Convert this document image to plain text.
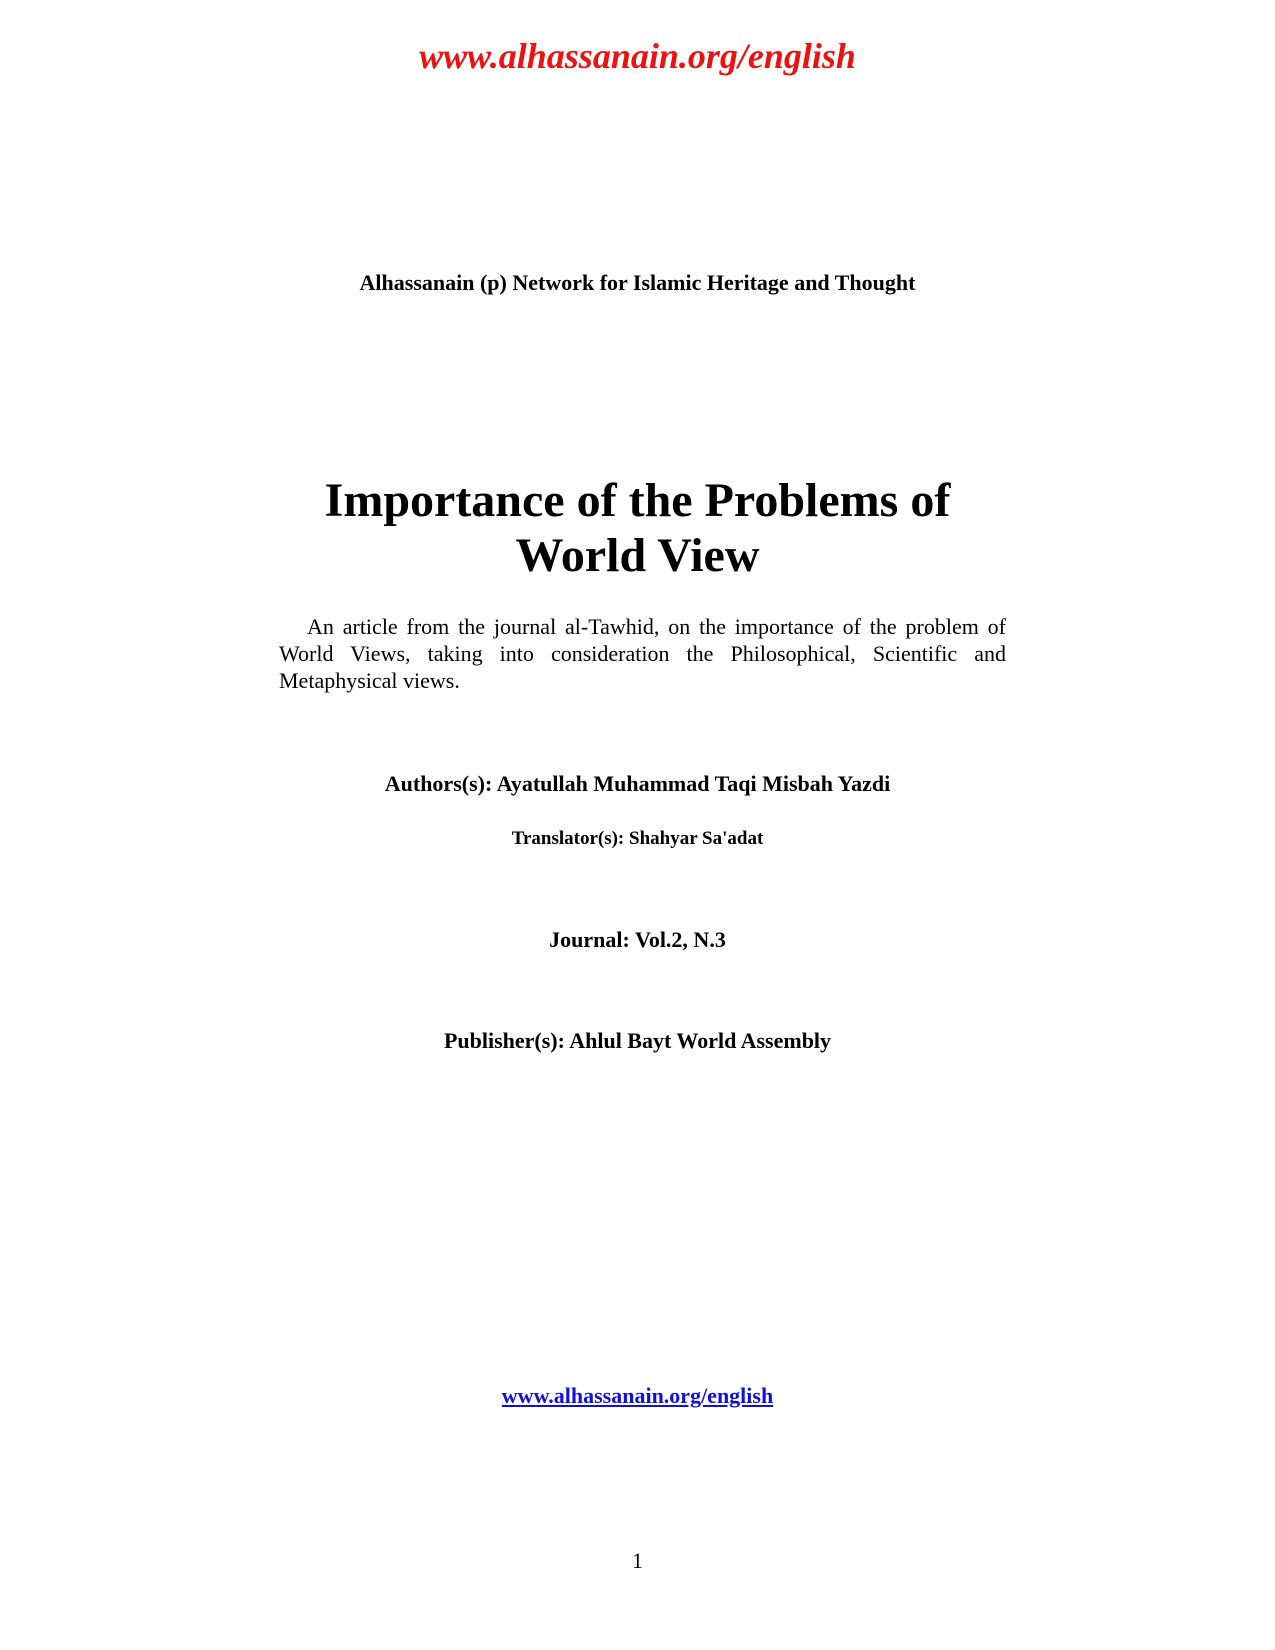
www.alhassanain.org/english
Alhassanain (p) Network for Islamic Heritage and Thought
Importance of the Problems of
World View

An article from the journal al-Tawhid, on the importance of the problem of World Views, taking into consideration the Philosophical, Scientific and Metaphysical views.

Authors(s): Ayatullah Muhammad Taqi Misbah Yazdi
Translator(s): Shahyar Sa'adat
Journal: Vol.2, N.3
Publisher(s): Ahlul Bayt World Assembly
www.alhassanain.org/english
1
